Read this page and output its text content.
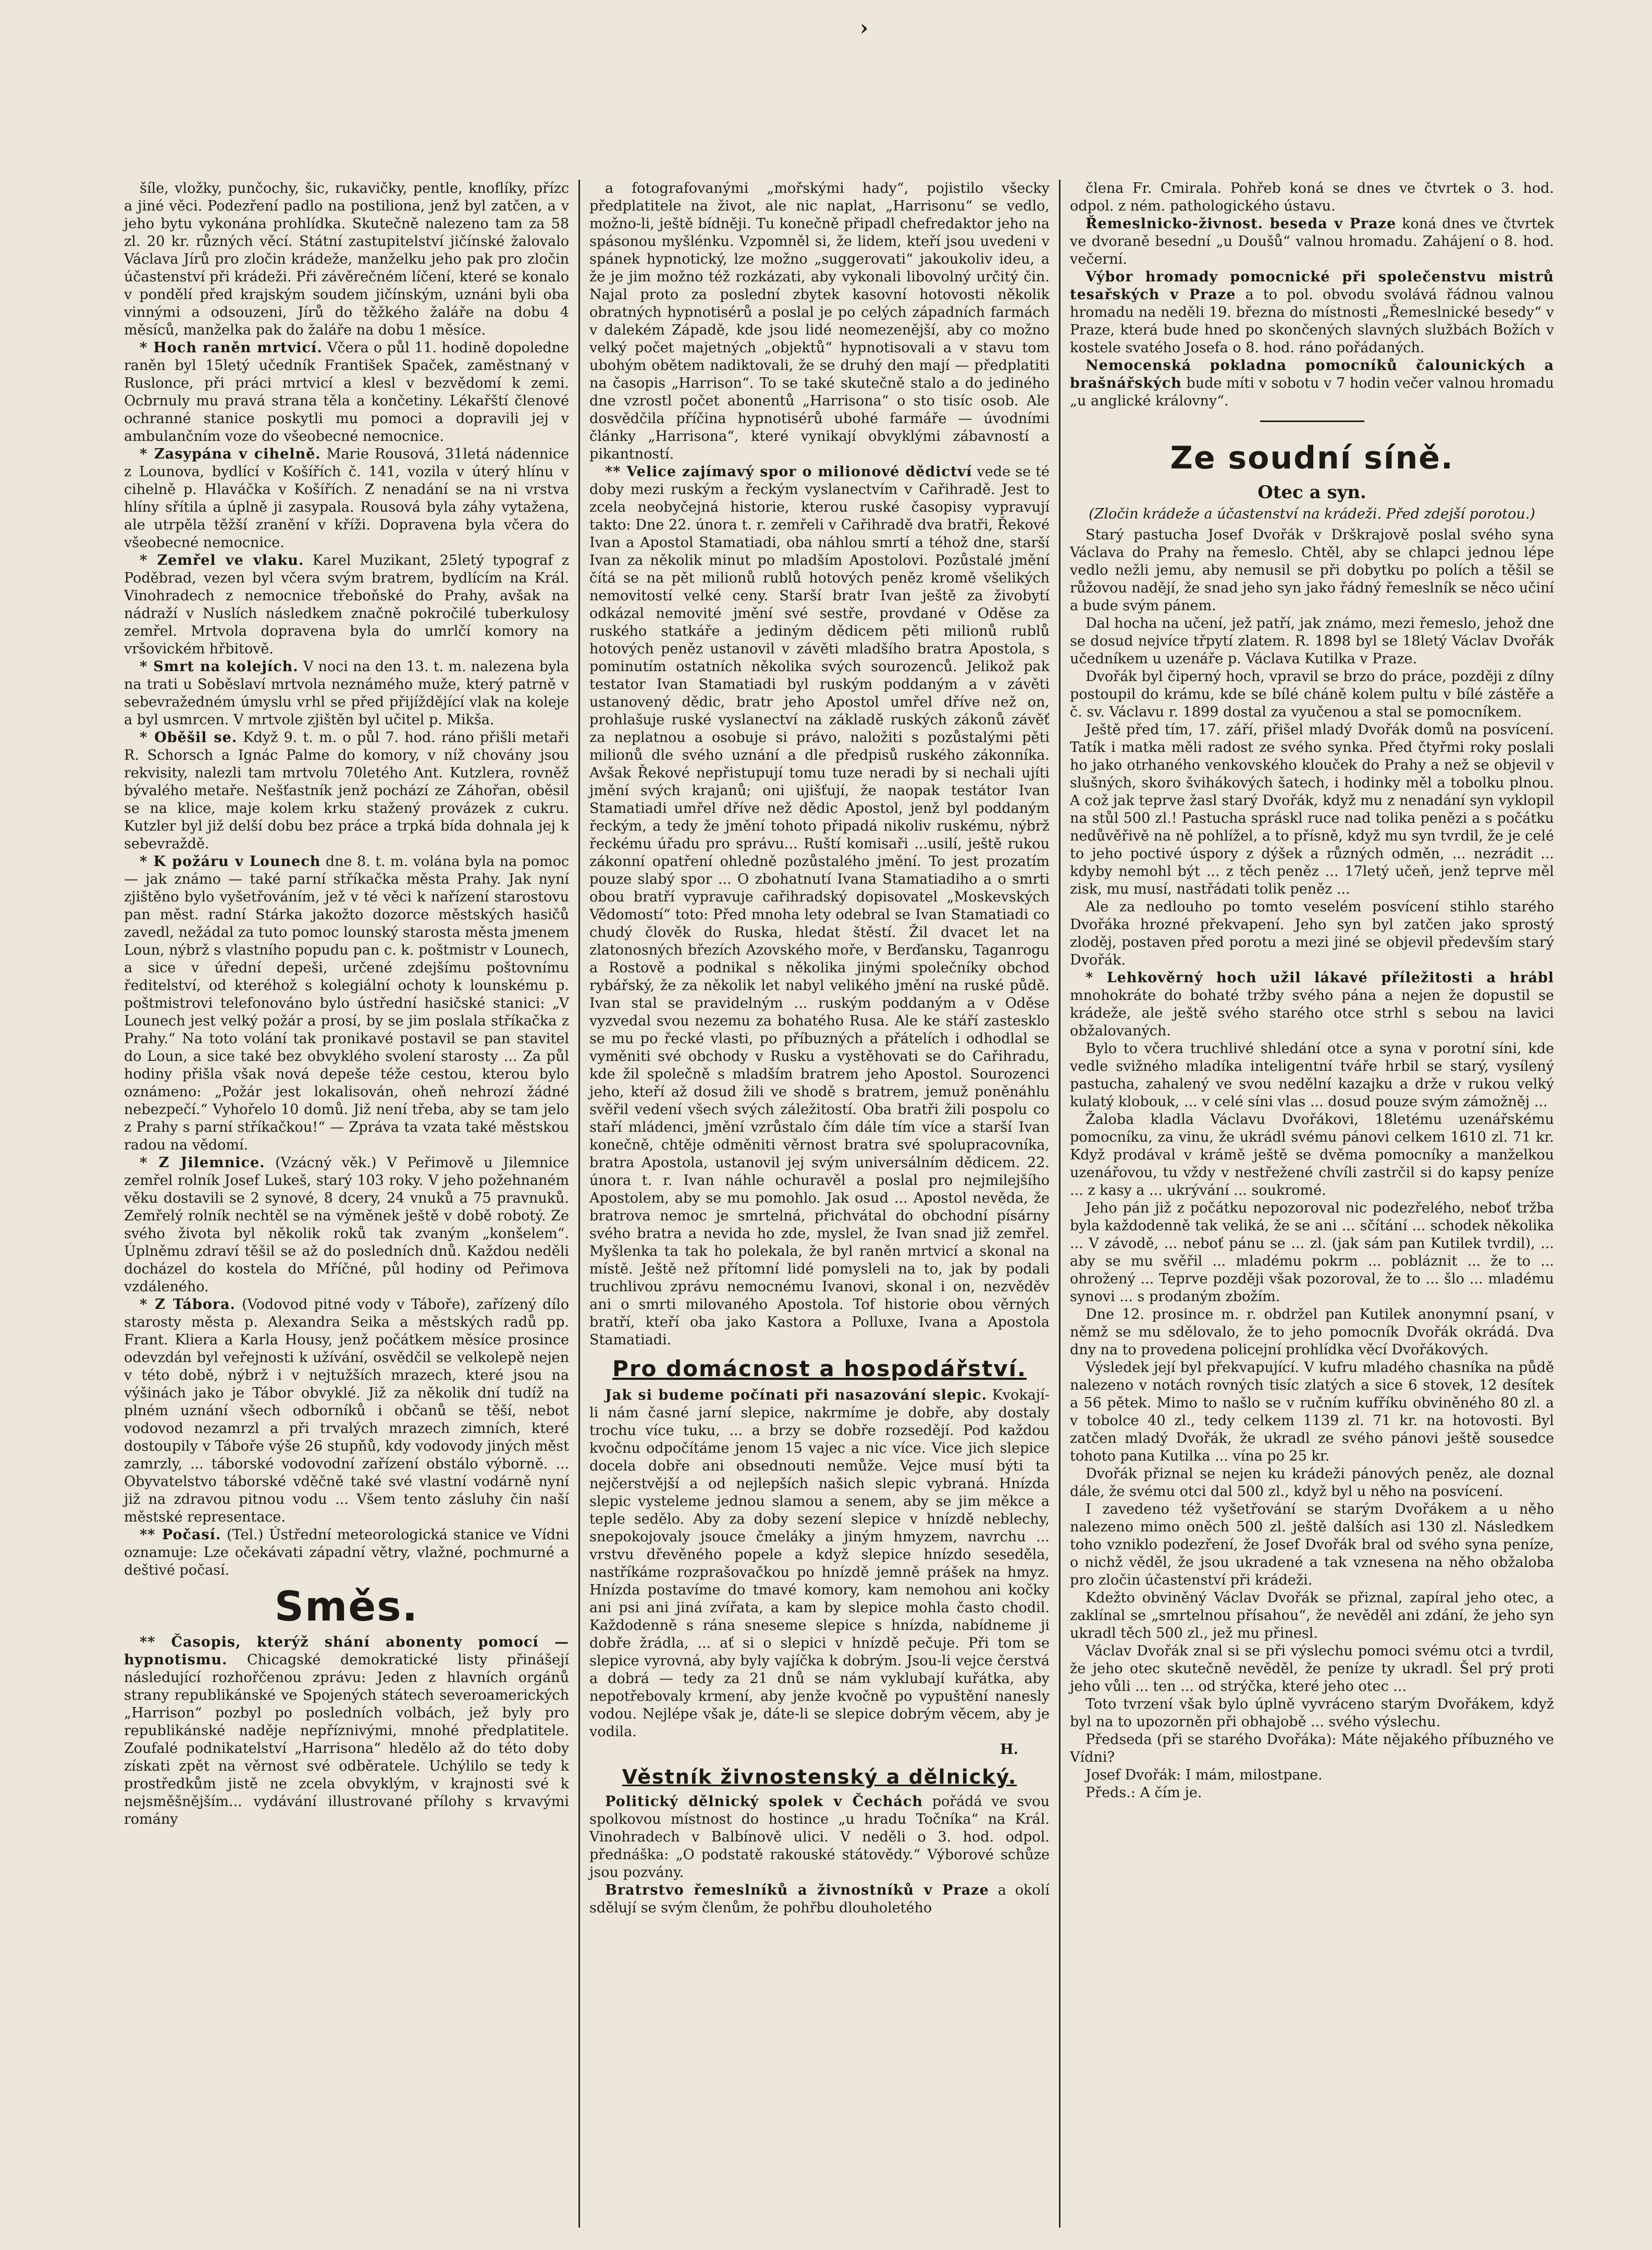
›

šíle, vložky, punčochy, šic, rukavičky, pentle, knoflíky, přízc a jiné věci. Podezření padlo na postiliona, jenž byl zatčen, a v jeho bytu vykonána prohlídka. Skutečně nalezeno tam za 58 zl. 20 kr. různých věcí. Státní zastupitelství jičínské žalovalo Václava Jírů pro zločin krádeže, manželku jeho pak pro zločin účastenství při krádeži. Při závěrečném líčení, které se konalo v pondělí před krajským soudem jičínským, uznáni byli oba vinnými a odsouzeni, Jírů do těžkého žaláře na dobu 4 měsíců, manželka pak do žaláře na dobu 1 měsíce.

* Hoch raněn mrtvicí. Včera o půl 11. hodině dopoledne raněn byl 15letý učedník František Spaček, zaměstnaný v Ruslonce, při práci mrtvicí a klesl v bezvědomí k zemi. Ocbrnuly mu pravá strana těla a končetiny. Lékařští členové ochranné stanice poskytli mu pomoci a dopravili jej v ambulančním voze do všeobecné nemocnice.

* Zasypána v cihelně. Marie Rousová, 31letá nádennice z Lounova, bydlící v Košířích č. 141, vozila v úterý hlínu v cihelně p. Hlaváčka v Košířích. Z nenadání se na ni vrstva hlíny sřítila a úplně ji zasypala. Rousová byla záhy vytažena, ale utrpěla těžší zranění v kříži. Dopravena byla včera do všeobecné nemocnice.

* Zemřel ve vlaku. Karel Muzikant, 25letý typograf z Poděbrad, vezen byl včera svým bratrem, bydlícím na Král. Vinohradech z nemocnice třeboňské do Prahy, avšak na nádraží v Nuslích následkem značně pokročilé tuberkulosy zemřel. Mrtvola dopravena byla do umrlčí komory na vršovickém hřbitově.

* Smrt na kolejích. V noci na den 13. t. m. nalezena byla na trati u Soběslaví mrtvola neznámého muže, který patrně v sebevražedném úmyslu vrhl se před přijíždějící vlak na koleje a byl usmrcen. V mrtvole zjištěn byl učitel p. Mikša.

* Oběšil se. Když 9. t. m. o půl 7. hod. ráno přišli metaři R. Schorsch a Ignác Palme do komory, v níž chovány jsou rekvisity, nalezli tam mrtvolu 70letého Ant. Kutzlera, rovněž bývalého metaře. Nešťastník jenž pochází ze Záhořan, oběsil se na klice, maje kolem krku stažený provázek z cukru. Kutzler byl již delší dobu bez práce a trpká bída dohnala jej k sebevraždě.

* K požáru v Lounech dne 8. t. m. volána byla na pomoc — jak známo — také parní stříkačka města Prahy. Jak nyní zjištěno bylo vyšetřováním, jež v té věci k nařízení starostovu pan měst. radní Stárka jakožto dozorce městských hasičů zavedl, nežádal za tuto pomoc lounský starosta města jmenem Loun, nýbrž s vlastního popudu pan c. k. poštmistr v Lounech, a sice v úřední depeši, určené zdejšímu poštovnímu ředitelství, od kteréhož s kolegiální ochoty k lounskému p. poštmistrovi telefonováno bylo ústřední hasičské stanici: „V Lounech jest velký požár a prosí, by se jim poslala stříkačka z Prahy.“ Na toto volání tak pronikavé postavil se pan stavitel do Loun, a sice také bez obvyklého svolení starosty ... Za půl hodiny přišla však nová depeše téže cestou, kterou bylo oznámeno: „Požár jest lokalisován, oheň nehrozí žádné nebezpečí.“ Vyhořelo 10 domů. Již není třeba, aby se tam jelo z Prahy s parní stříkačkou!“ — Zpráva ta vzata také městskou radou na vědomí.

* Z Jilemnice. (Vzácný věk.) V Peřimově u Jilemnice zemřel rolník Josef Lukeš, starý 103 roky. V jeho požehnaném věku dostavili se 2 synové, 8 dcery, 24 vnuků a 75 pravnuků. Zemřelý rolník nechtěl se na výměnek ještě v době robotý. Ze svého života byl několik roků tak zvaným „konšelem“. Úplněmu zdraví těšil se až do posledních dnů. Každou neděli docházel do kostela do Mříčné, půl hodiny od Peřimova vzdáleného.

* Z Tábora. (Vodovod pitné vody v Táboře), zařízený dílo starosty města p. Alexandra Seika a městských radů pp. Frant. Kliera a Karla Housy, jenž počátkem měsíce prosince odevzdán byl veřejnosti k užívání, osvědčil se velkolepě nejen v této době, nýbrž i v nejtužších mrazech, které jsou na výšinách jako je Tábor obvyklé. Již za několik dní tudíž na plném uznání všech odborníků i občanů se těší, nebot vodovod nezamrzl a při trvalých mrazech zimních, které dostoupily v Táboře výše 26 stupňů, kdy vodovody jiných měst zamrzly, ... táborské vodovodní zařízení obstálo výborně. ... Obyvatelstvo táborské vděčně také své vlastní vodárně nyní již na zdravou pitnou vodu ... Všem tento zásluhy čin naší městské representace.

** Počasí. (Tel.) Ústřední meteorologická stanice ve Vídni oznamuje: Lze očekávati západní větry, vlažné, pochmurné a deštivé počasí.

Směs.

** Časopis, kterýž shání abonenty pomocí — hypnotismu. Chicagské demokratické listy přinášejí následující rozhořčenou zprávu: Jeden z hlavních orgánů strany republikánské ve Spojených státech severoamerických „Harrison“ pozbyl po posledních volbách, jež byly pro republikánské naděje nepříznivými, mnohé předplatitele. Zoufalé podnikatelství „Harrisona“ hledělo až do této doby získati zpět na věrnost své odběratele. Uchýlilo se tedy k prostředkům jistě ne zcela obvyklým, v krajnosti své k nejsměšnějším... vydávání illustrované přílohy s krvavými romány

a fotografovanými „mořskými hady“, pojistilo všecky předplatitele na život, ale nic naplat, „Harrisonu“ se vedlo, možno-li, ještě bídněji. Tu konečně připadl chefredaktor jeho na spásonou myšlénku. Vzpomněl si, že lidem, kteří jsou uvedeni v spánek hypnotický, lze možno „suggerovati“ jakoukoliv ideu, a že je jim možno též rozkázati, aby vykonali libovolný určitý čin. Najal proto za poslední zbytek kasovní hotovosti několik obratných hypnotisérů a poslal je po celých západních farmách v dalekém Západě, kde jsou lidé neomezenější, aby co možno velký počet majetných „objektů“ hypnotisovali a v stavu tom ubohým obětem nadiktovali, že se druhý den mají — předplatiti na časopis „Harrison“. To se také skutečně stalo a do jediného dne vzrostl počet abonentů „Harrisona“ o sto tisíc osob. Ale dosvědčila příčina hypnotisérů ubohé farmáře — úvodními články „Harrisona“, které vynikají obvyklými zábavností a pikantností.

** Velice zajímavý spor o milionové dědictví vede se té doby mezi ruským a řeckým vyslanectvím v Cařihradě. Jest to zcela neobyčejná historie, kterou ruské časopisy vypravují takto: Dne 22. února t. r. zemřeli v Cařihradě dva bratři, Řekové Ivan a Apostol Stamatiadi, oba náhlou smrtí a téhož dne, starší Ivan za několik minut po mladším Apostolovi. Pozůstalé jmění čítá se na pět milionů rublů hotových peněz kromě všelikých nemovitostí velké ceny. Starší bratr Ivan ještě za živobytí odkázal nemovité jmění své sestře, provdané v Oděse za ruského statkáře a jediným dědicem pěti milionů rublů hotových peněz ustanovil v závěti mladšího bratra Apostola, s pominutím ostatních několika svých sourozenců. Jelikož pak testator Ivan Stamatiadi byl ruským poddaným a v závěti ustanovený dědic, bratr jeho Apostol umřel dříve než on, prohlašuje ruské vyslanectví na základě ruských zákonů závěť za neplatnou a osobuje si právo, naložiti s pozůstalými pěti milionů dle svého uznání a dle předpisů ruského zákonníka. Avšak Řekové nepřistupují tomu tuze neradi by si nechali ujíti jmění svých krajanů; oni ujišťují, že naopak testátor Ivan Stamatiadi umřel dříve než dědic Apostol, jenž byl poddaným řeckým, a tedy že jmění tohoto připadá nikoliv ruskému, nýbrž řeckému úřadu pro správu... Ruští komisaři ...usilí, ještě rukou zákonní opatření ohledně pozůstalého jmění. To jest prozatím pouze slabý spor ... O zbohatnutí Ivana Stamatiadiho a o smrti obou bratří vypravuje cařihradský dopisovatel „Moskevských Vědomostí“ toto: Před mnoha lety odebral se Ivan Stamatiadi co chudý člověk do Ruska, hledat štěstí. Žil dvacet let na zlatonosných březích Azovského moře, v Berďansku, Taganrogu a Rostově a podnikal s několika jinými společníky obchod rybářský, že za několik let nabyl velikého jmění na ruské půdě. Ivan stal se pravidelným ... ruským poddaným a v Oděse vyzvedal svou nezemu za bohatého Rusa. Ale ke stáří zastesklo se mu po řecké vlasti, po příbuzných a přátelích i odhodlal se vyměniti své obchody v Rusku a vystěhovati se do Cařihradu, kde žil společně s mladším bratrem jeho Apostol. Sourozenci jeho, kteří až dosud žili ve shodě s bratrem, jemuž poněnáhlu svěřil vedení všech svých záležitostí. Oba bratři žili pospolu co staří mládenci, jmění vzrůstalo čím dále tím více a starší Ivan konečně, chtěje odměniti věrnost bratra své spolupracovníka, bratra Apostola, ustanovil jej svým universálním dědicem. 22. února t. r. Ivan náhle ochuravěl a poslal pro nejmilejšího Apostolem, aby se mu pomohlo. Jak osud ... Apostol nevěda, že bratrova nemoc je smrtelná, přichvátal do obchodní písárny svého bratra a nevida ho zde, myslel, že Ivan snad již zemřel. Myšlenka ta tak ho polekala, že byl raněn mrtvicí a skonal na místě. Ještě než přítomní lidé pomysleli na to, jak by podali truchlivou zprávu nemocnému Ivanovi, skonal i on, nezvěděv ani o smrti milovaného Apostola. Tof historie obou věrných bratří, kteří oba jako Kastora a Polluxe, Ivana a Apostola Stamatiadi.

Pro domácnost a hospodářství.

Jak si budeme počínati při nasazování slepic. Kvokají-li nám časné jarní slepice, nakrmíme je dobře, aby dostaly trochu více tuku, ... a brzy se dobře rozsedějí. Pod každou kvočnu odpočítáme jenom 15 vajec a nic více. Vice jich slepice docela dobře ani obsednouti nemůže. Vejce musí býti ta nejčerstvější a od nejlepších našich slepic vybraná. Hnízda slepic vysteleme jednou slamou a senem, aby se jim měkce a teple sedělo. Aby za doby sezení slepice v hnízdě neblechy, snepokojovaly jsouce čmeláky a jiným hmyzem, navrchu ... vrstvu dřevěného popele a když slepice hnízdo seseděla, nastříkáme rozprašovačkou po hnízdě jemně prášek na hmyz. Hnízda postavíme do tmavé komory, kam nemohou ani kočky ani psi ani jiná zvířata, a kam by slepice mohla často chodil. Každodenně s rána sneseme slepice s hnízda, nabídneme ji dobře žrádla, ... ať si o slepici v hnízdě pečuje. Při tom se slepice vyrovná, aby byly vajíčka k dobrým. Jsou-li vejce čerstvá a dobrá — tedy za 21 dnů se nám vyklubají kuřátka, aby nepotřebovaly krmení, aby jenže kvočně po vypuštění nanesly vodou. Nejlépe však je, dáte-li se slepice dobrým věcem, aby je vodila.

H.
Věstník živnostenský a dělnický.

Politický dělnický spolek v Čechách pořádá ve svou spolkovou místnost do hostince „u hradu Točníka“ na Král. Vinohradech v Balbínově ulici. V neděli o 3. hod. odpol. přednáška: „O podstatě rakouské státovědy.“ Výborové schůze jsou pozvány.

Bratrstvo řemeslníků a živnostníků v Praze a okolí sdělují se svým členům, že pohřbu dlouholetého

člena Fr. Cmirala. Pohřeb koná se dnes ve čtvrtek o 3. hod. odpol. z ném. pathologického ústavu.

Řemeslnicko-živnost. beseda v Praze koná dnes ve čtvrtek ve dvoraně besední „u Doušů“ valnou hromadu. Zahájení o 8. hod. večerní.

Výbor hromady pomocnické při společenstvu mistrů tesařských v Praze a to pol. obvodu svolává řádnou valnou hromadu na neděli 19. března do místnosti „Řemeslnické besedy“ v Praze, která bude hned po skončených slavných službách Božích v kostele svatého Josefa o 8. hod. ráno pořádaných.

Nemocenská pokladna pomocníků čalounických a brašnářských bude míti v sobotu v 7 hodin večer valnou hromadu „u anglické královny“.

Ze soudní síně.
Otec a syn.

(Zločin krádeže a účastenství na krádeži. Před zdejší porotou.)

Starý pastucha Josef Dvořák v Drškrajově poslal svého syna Václava do Prahy na řemeslo. Chtěl, aby se chlapci jednou lépe vedlo nežli jemu, aby nemusil se při dobytku po polích a těšil se růžovou nadějí, že snad jeho syn jako řádný řemeslník se něco učiní a bude svým pánem.

Dal hocha na učení, jež patří, jak známo, mezi řemeslo, jehož dne se dosud nejvíce třpytí zlatem. R. 1898 byl se 18letý Václav Dvořák učedníkem u uzenáře p. Václava Kutilka v Praze.

Dvořák byl čiperný hoch, vpravil se brzo do práce, později z dílny postoupil do krámu, kde se bílé cháně kolem pultu v bílé zástěře a č. sv. Václavu r. 1899 dostal za vyučenou a stal se pomocníkem.

Ještě před tím, 17. září, přišel mladý Dvořák domů na posvícení. Tatík i matka měli radost ze svého synka. Před čtyřmi roky poslali ho jako otrhaného venkovského klouček do Prahy a než se objevil v slušných, skoro švihákových šatech, i hodinky měl a tobolku plnou. A což jak teprve žasl starý Dvořák, když mu z nenadání syn vyklopil na stůl 500 zl.! Pastucha spráskl ruce nad tolika penězi a s počátku nedůvěřivě na ně pohlížel, a to přísně, když mu syn tvrdil, že je celé to jeho poctivé úspory z dýšek a různých odměn, ... nezrádit ... kdyby nemohl být ... z těch peněz ... 17letý učeň, jenž teprve měl zisk, mu musí, nastřádati tolik peněz ...

Ale za nedlouho po tomto veselém posvícení stihlo starého Dvořáka hrozné překvapení. Jeho syn byl zatčen jako sprostý zloděj, postaven před porotu a mezi jiné se objevil především starý Dvořák.

* Lehkověrný hoch užil lákavé příležitosti a hrábl mnohokráte do bohaté tržby svého pána a nejen že dopustil se krádeže, ale ještě svého starého otce strhl s sebou na lavici obžalovaných.

Bylo to včera truchlivé shledání otce a syna v porotní síni, kde vedle svižného mladíka inteligentní tváře hrbil se starý, vysílený pastucha, zahalený ve svou nedělní kazajku a drže v rukou velký kulatý klobouk, ... v celé síni vlas ... dosud pouze svým zámožněj ...

Žaloba kladla Václavu Dvořákovi, 18letému uzenářskému pomocníku, za vinu, že ukrádl svému pánovi celkem 1610 zl. 71 kr. Když prodával v krámě ještě se dvěma pomocníky a manželkou uzenářovou, tu vždy v nestřežené chvíli zastrčil si do kapsy peníze ... z kasy a ... ukrývání ... soukromé.

Jeho pán již z počátku nepozoroval nic podezřelého, neboť tržba byla každodenně tak veliká, že se ani ... sčítání ... schodek několika ... V závodě, ... neboť pánu se ... zl. (jak sám pan Kutilek tvrdil), ... aby se mu svěřil ... mladému pokrm ... pobláznit ... že to ... ohrožený ... Teprve později však pozoroval, že to ... šlo ... mladému synovi ... s prodaným zbožím.

Dne 12. prosince m. r. obdržel pan Kutilek anonymní psaní, v němž se mu sdělovalo, že to jeho pomocník Dvořák okrádá. Dva dny na to provedena policejní prohlídka věcí Dvořákových.

Výsledek její byl překvapující. V kufru mladého chasníka na půdě nalezeno v notách rovných tisíc zlatých a sice 6 stovek, 12 desítek a 56 pětek. Mimo to našlo se v ručním kufříku obviněného 80 zl. a v tobolce 40 zl., tedy celkem 1139 zl. 71 kr. na hotovosti. Byl zatčen mladý Dvořák, že ukradl ze svého pánovi ještě sousedce tohoto pana Kutilka ... vína po 25 kr.

Dvořák přiznal se nejen ku krádeži pánových peněz, ale doznal dále, že svému otci dal 500 zl., když byl u něho na posvícení.

I zavedeno též vyšetřování se starým Dvořákem a u něho nalezeno mimo oněch 500 zl. ještě dalších asi 130 zl. Následkem toho vzniklo podezření, že Josef Dvořák bral od svého syna peníze, o nichž věděl, že jsou ukradené a tak vznesena na něho obžaloba pro zločin účastenství při krádeži.

Kdežto obviněný Václav Dvořák se přiznal, zapíral jeho otec, a zaklínal se „smrtelnou přísahou“, že nevěděl ani zdání, že jeho syn ukradl těch 500 zl., jež mu přinesl.

Václav Dvořák znal si se při výslechu pomoci svému otci a tvrdil, že jeho otec skutečně nevěděl, že peníze ty ukradl. Šel prý proti jeho vůli ... ten ... od strýčka, které jeho otec ...

Toto tvrzení však bylo úplně vyvráceno starým Dvořákem, když byl na to upozorněn při obhajobě ... svého výslechu.

Předseda (při se starého Dvořáka): Máte nějakého příbuzného ve Vídni?

Josef Dvořák: I mám, milostpane.

Předs.: A čím je.
